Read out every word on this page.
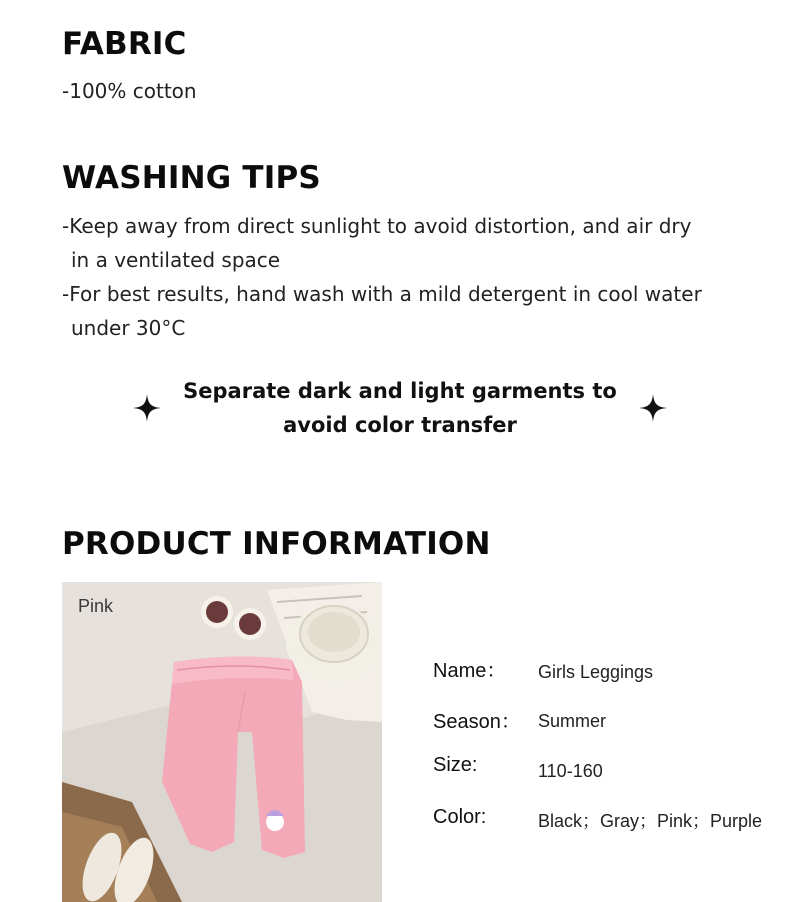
FABRIC
-100% cotton
WASHING TIPS
-Keep away from direct sunlight to avoid distortion, and air dry
in a ventilated space
-For best results, hand wash with a mild detergent in cool water
under 30°C
Separate dark and light garments to
avoid color transfer
PRODUCT INFORMATION
Pink
Name： Girls Leggings
Season： Summer
Size:	110-160
Color:	Black；Gray；Pink；Purple
